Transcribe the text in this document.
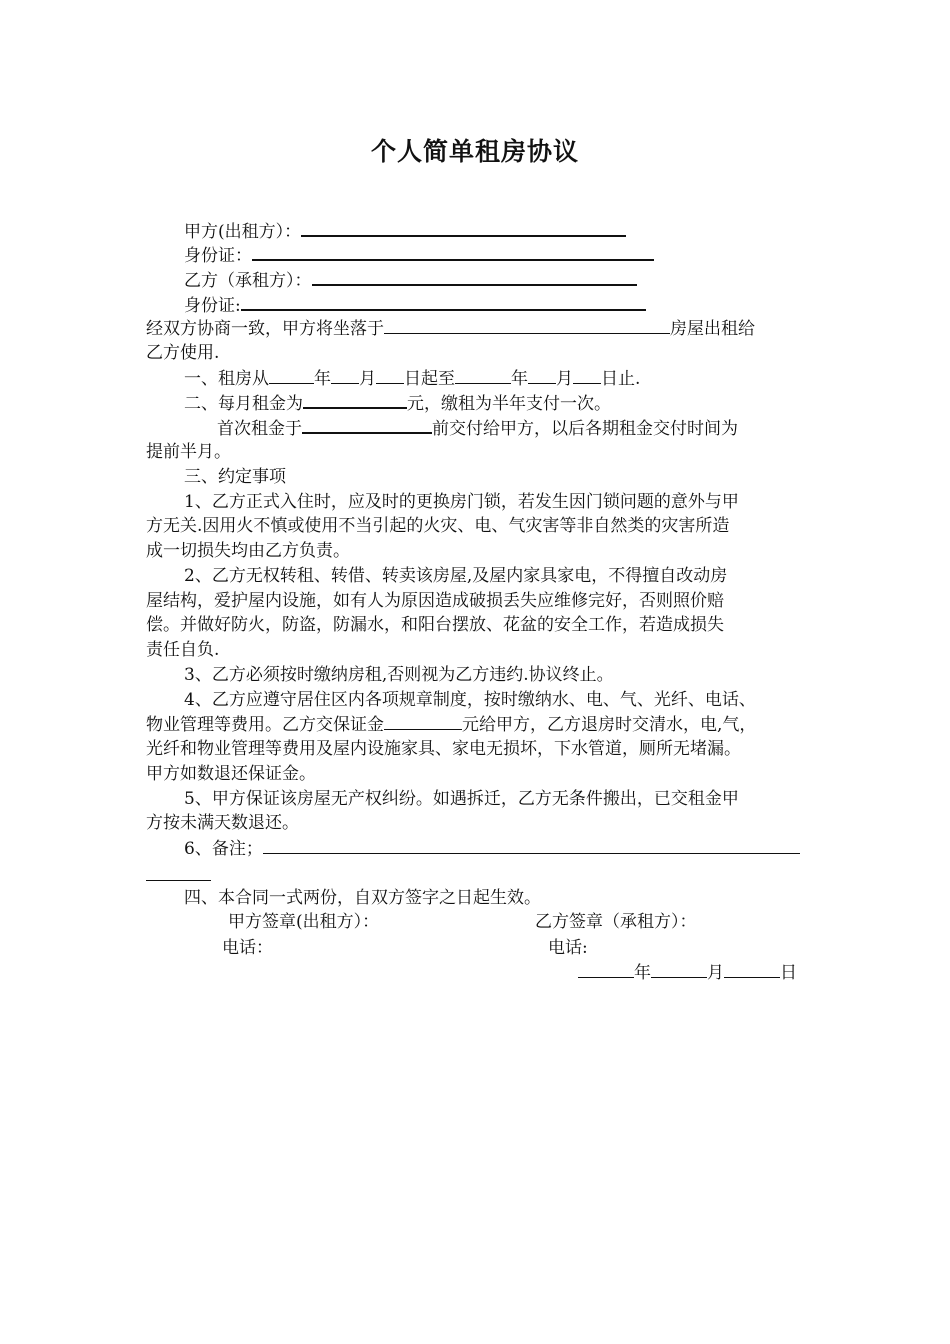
个人简单租房协议
甲方(出租方）：
身份证：
乙方（承租方）：
身份证:
经双方协商一致，甲方将坐落于	房屋出租给
乙方使用.
一、租房从	年 月 日起至	年 月 日止.
二、每月租金为	元，缴租为半年支付一次。
首次租金于	前交付给甲方，以后各期租金交付时间为
提前半月。
三、约定事项
1、乙方正式入住时，应及时的更换房门锁，若发生因门锁问题的意外与甲
方无关.因用火不慎或使用不当引起的火灾、电、气灾害等非自然类的灾害所造
成一切损失均由乙方负责。
2、乙方无权转租、转借、转卖该房屋,及屋内家具家电，不得擅自改动房
屋结构，爱护屋内设施，如有人为原因造成破损丢失应维修完好，否则照价赔
偿。并做好防火，防盗，防漏水，和阳台摆放、花盆的安全工作，若造成损失
责任自负.
3、乙方必须按时缴纳房租,否则视为乙方违约.协议终止。
4、乙方应遵守居住区内各项规章制度，按时缴纳水、电、气、光纤、电话、
物业管理等费用。乙方交保证金	元给甲方，乙方退房时交清水，电,气，
光纤和物业管理等费用及屋内设施家具、家电无损坏，下水管道，厕所无堵漏。
甲方如数退还保证金。
5、甲方保证该房屋无产权纠纷。如遇拆迁，乙方无条件搬出，已交租金甲
方按未满天数退还。
6、备注；
四、本合同一式两份，自双方签字之日起生效。
甲方签章(出租方）：	乙方签章（承租方）：
电话：	电话:
年	月	日
